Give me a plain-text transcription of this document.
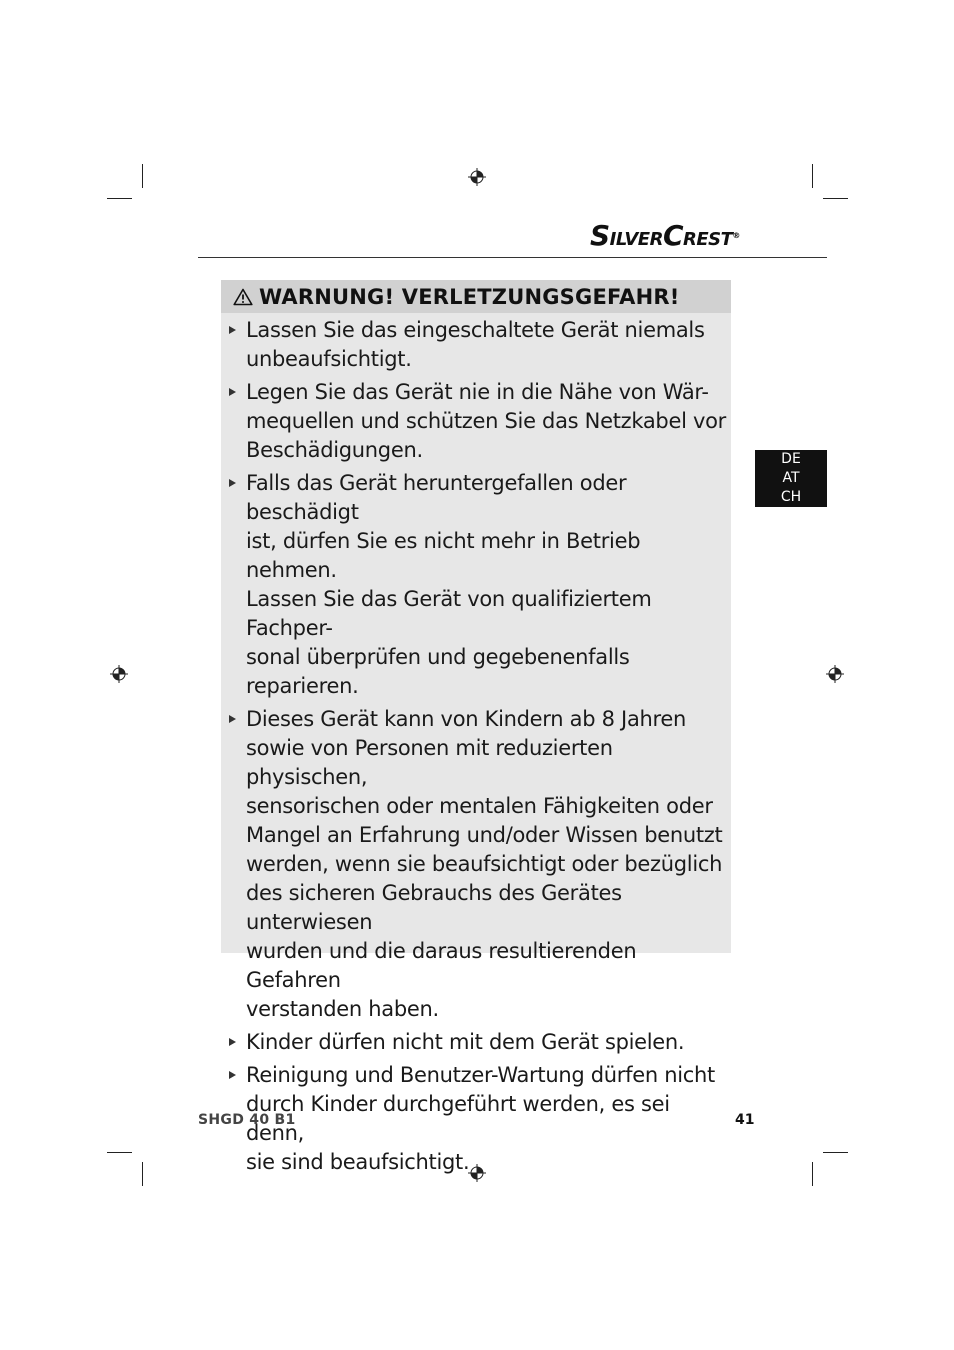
SILVERCREST®
WARNUNG! VERLETZUNGSGEFAHR!
Lassen Sie das eingeschaltete Gerät niemals
unbeaufsichtigt.
Legen Sie das Gerät nie in die Nähe von Wär-
mequellen und schützen Sie das Netzkabel vor
Beschädigungen.
Falls das Gerät heruntergefallen oder beschädigt
ist, dürfen Sie es nicht mehr in Betrieb nehmen.
Lassen Sie das Gerät von qualifiziertem Fachper-
sonal überprüfen und gegebenenfalls reparieren.
Dieses Gerät kann von Kindern ab 8 Jahren
sowie von Personen mit reduzierten physischen,
sensorischen oder mentalen Fähigkeiten oder
Mangel an Erfahrung und/oder Wissen benutzt
werden, wenn sie beaufsichtigt oder bezüglich
des sicheren Gebrauchs des Gerätes unterwiesen
wurden und die daraus resultierenden Gefahren
verstanden haben.
Kinder dürfen nicht mit dem Gerät spielen.
Reinigung und Benutzer-Wartung dürfen nicht
durch Kinder durchgeführt werden, es sei denn,
sie sind beaufsichtigt.
DE
AT
CH
SHGD 40 B1	41
